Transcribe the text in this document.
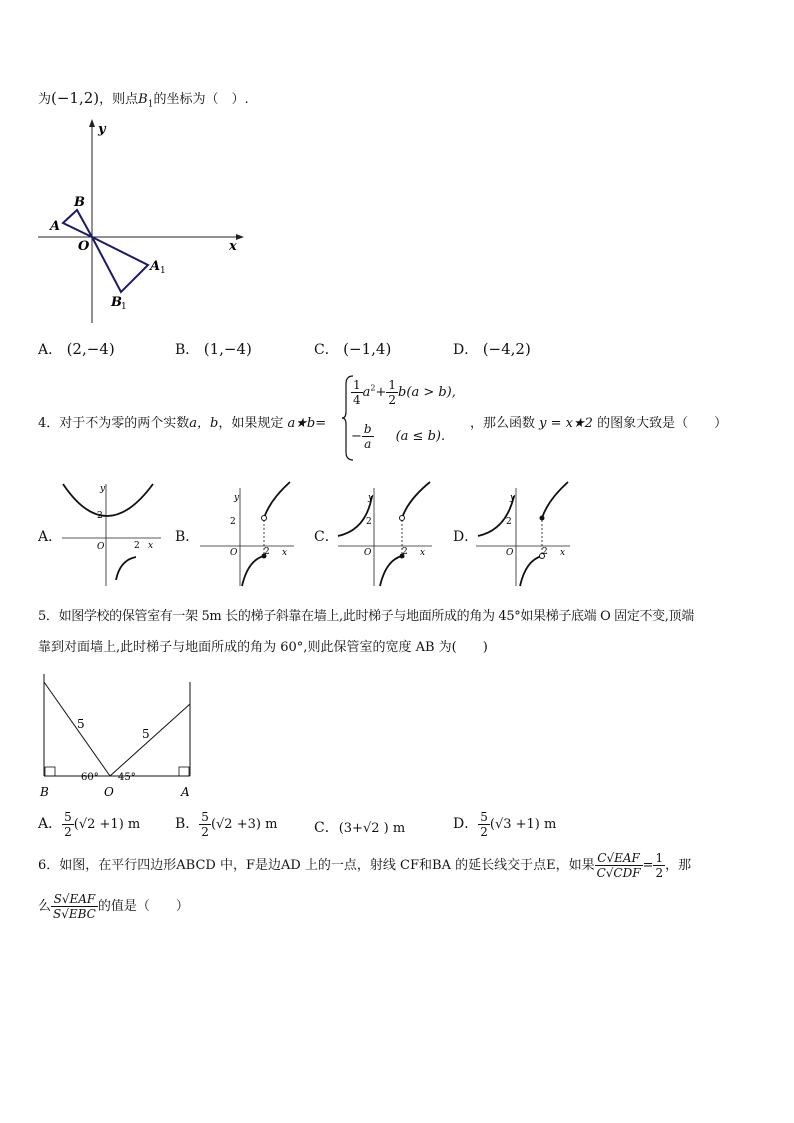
为(−1,2)，则点$B_1$的坐标为（　）.
x
y
O
A
B
A 1
B 1
A． (2,−4)	B． (1,−4)	C． (−1,4)	D． (−4,2)
4．对于不为零的两个实数a，b，如果规定 a★b=
$\frac{1}{4} a^2+ \frac{1}{2} b(a > b)$,
− $\frac{b}{a} (a \le b)$.
，那么函数 y = x★2 的图象大致是（　　）
A．
y
x
O
2
2
B．
y
x
O
2
2
C．
y
x
O
2
2
D．
y
x
O
2
2
5．如图学校的保管室有一架 5m 长的梯子斜靠在墙上,此时梯子与地面所成的角为 45°如果梯子底端 O 固定不变,顶端
靠到对面墙上,此时梯子与地面所成的角为 60°,则此保管室的宽度 AB 为(　　)
5
5
60° 45°
B	O	A
A． $\frac{5}{2} (√2 +1)$ m B． $\frac{5}{2} (√2 +3)$ m	C．(3+√2 ) m	D． $\frac{5}{2} (√3 +1)$ m
6．如图，在平行四边形ABCD 中，F是边AD 上的一点，射线 CF和BA 的延长线交于点E，如果 $\frac{\text{C√EAF}}{\text{C√CDF}} = \frac{1}{2}$ ，那
么 $\frac{\text{S√EAF}}{\text{S√EBC}}$ 的值是（　　）
